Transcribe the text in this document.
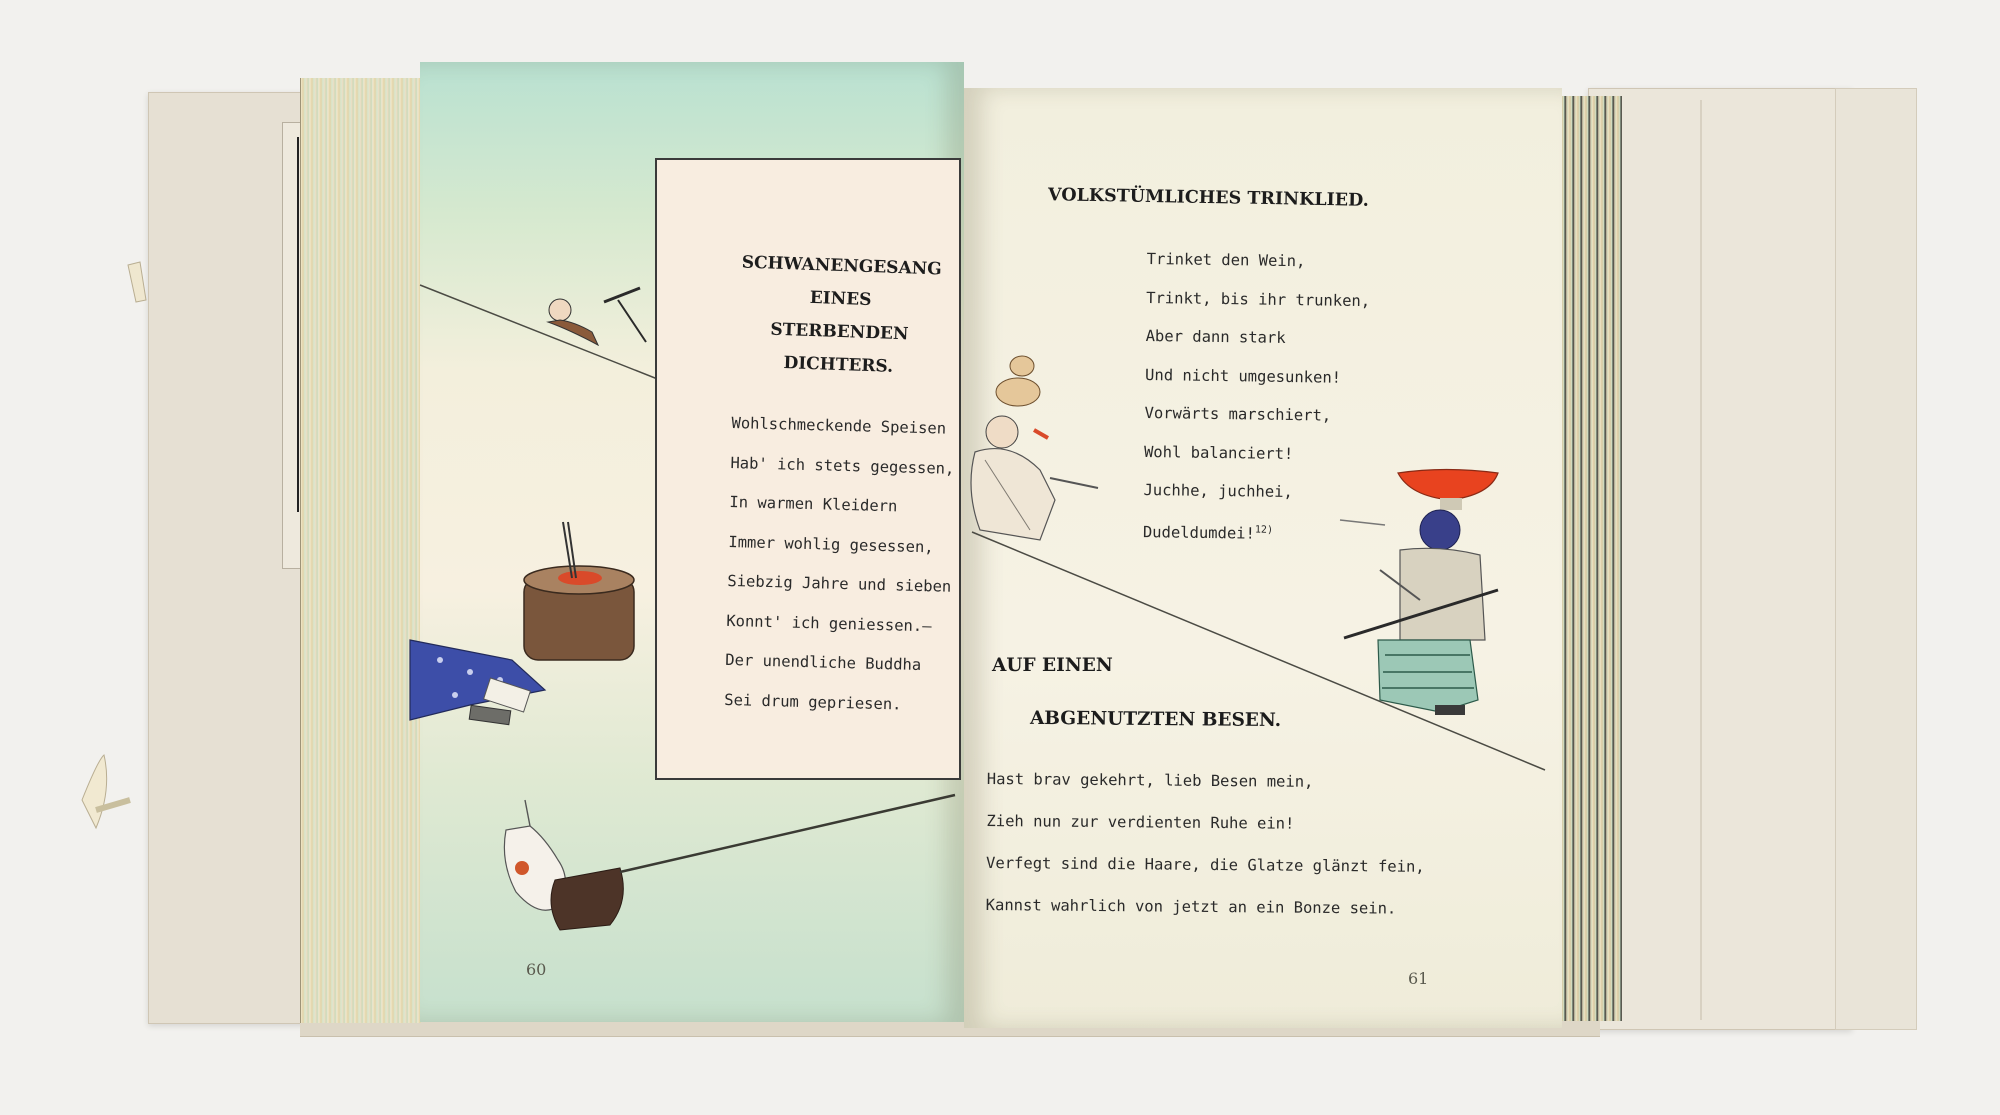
SCHWANENGESANG
EINES
STERBENDEN
DICHTERS.
Wohlschmeckende Speisen
Hab' ich stets gegessen,
In warmen Kleidern
Immer wohlig gesessen,
Siebzig Jahre und sieben
Konnt' ich geniessen.—
Der unendliche Buddha
Sei drum gepriesen.
60
VOLKSTÜMLICHES TRINKLIED.
Trinket den Wein,
Trinkt, bis ihr trunken,
Aber dann stark
Und nicht umgesunken!
Vorwärts marschiert,
Wohl balanciert!
Juchhe, juchhei,
Dudeldumdei!$^{12)}$
AUF EINEN
ABGENUTZTEN BESEN.
Hast brav gekehrt, lieb Besen mein,
Zieh nun zur verdienten Ruhe ein!
Verfegt sind die Haare, die Glatze glänzt fein,
Kannst wahrlich von jetzt an ein Bonze sein.
61
